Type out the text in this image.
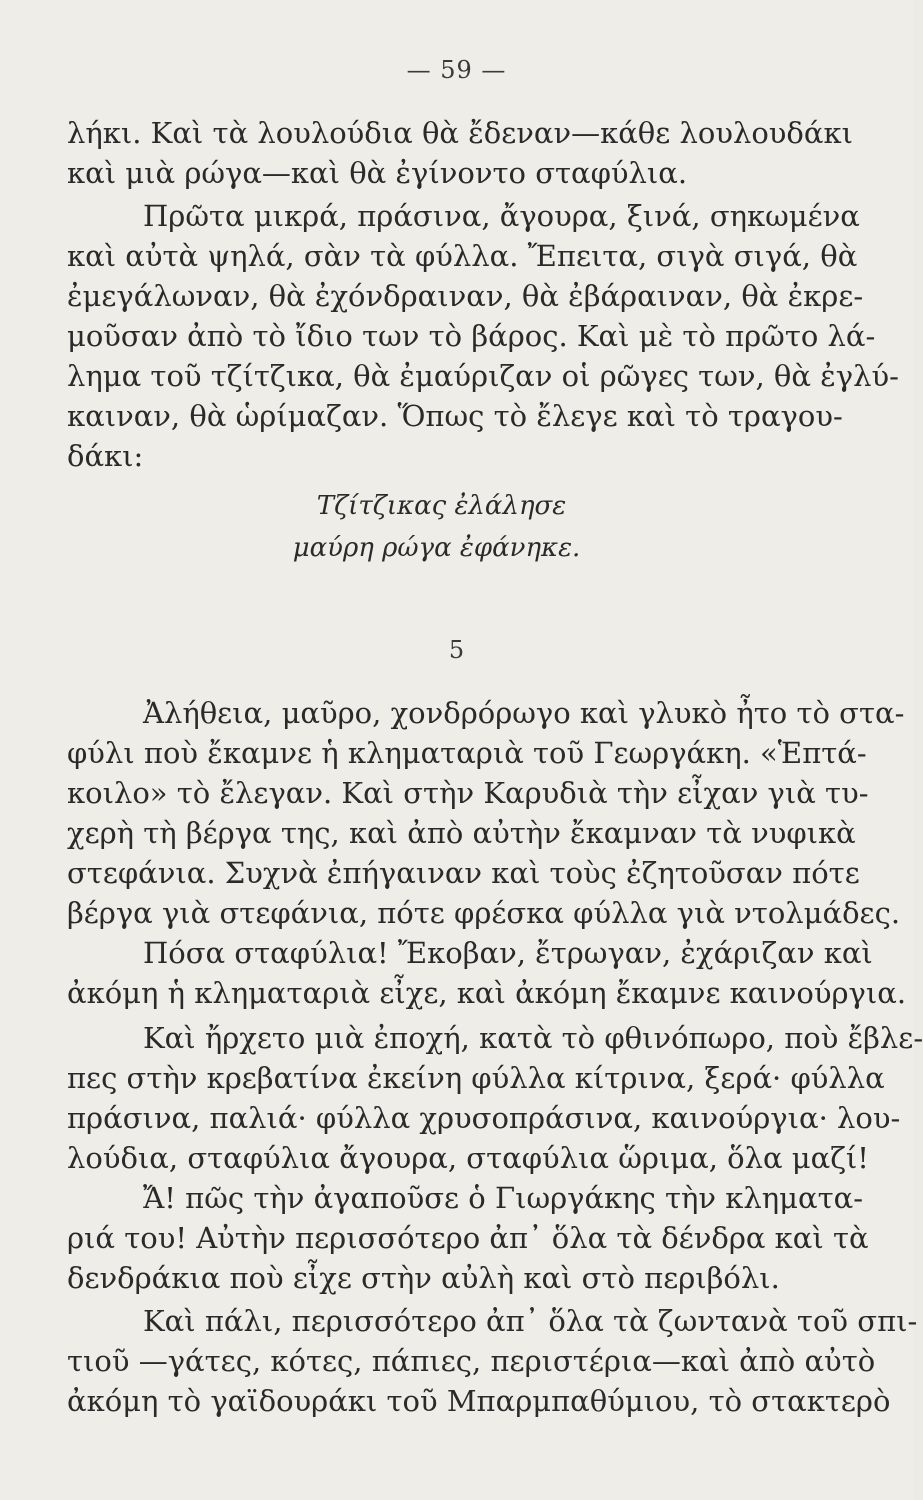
— 59 —
λήκι. Καὶ τὰ λουλούδια θὰ ἔδεναν—κάθε λουλουδάκι
καὶ μιὰ ρώγα—καὶ θὰ ἐγίνοντο σταφύλια.
Πρῶτα μικρά, πράσινα, ἄγουρα, ξινά, σηκωμένα
καὶ αὐτὰ ψηλά, σὰν τὰ φύλλα. Ἔπειτα, σιγὰ σιγά, θὰ
ἐμεγάλωναν, θὰ ἐχόνδραιναν, θὰ ἐβάραιναν, θὰ ἐκρε-
μοῦσαν ἀπὸ τὸ ἴδιο των τὸ βάρος. Καὶ μὲ τὸ πρῶτο λά-
λημα τοῦ τζίτζικα, θὰ ἐμαύριζαν οἱ ρῶγες των, θὰ ἐγλύ-
καιναν, θὰ ὡρίμαζαν. Ὅπως τὸ ἔλεγε καὶ τὸ τραγου-
δάκι:
Τζίτζικας ἐλάλησε
μαύρη ρώγα ἐφάνηκε.
5
Ἀλήθεια, μαῦρο, χονδρόρωγο καὶ γλυκὸ ἦτο τὸ στα-
φύλι ποὺ ἔκαμνε ἡ κληματαριὰ τοῦ Γεωργάκη. «Ἑπτά-
κοιλο» τὸ ἔλεγαν. Καὶ στὴν Καρυδιὰ τὴν εἶχαν γιὰ τυ-
χερὴ τὴ βέργα της, καὶ ἀπὸ αὐτὴν ἔκαμναν τὰ νυφικὰ
στεφάνια. Συχνὰ ἐπήγαιναν καὶ τοὺς ἐζητοῦσαν πότε
βέργα γιὰ στεφάνια, πότε φρέσκα φύλλα γιὰ ντολμάδες.
Πόσα σταφύλια! Ἔκοβαν, ἔτρωγαν, ἐχάριζαν καὶ
ἀκόμη ἡ κληματαριὰ εἶχε, καὶ ἀκόμη ἔκαμνε καινούργια.
Καὶ ἤρχετο μιὰ ἐποχή, κατὰ τὸ φθινόπωρο, ποὺ ἔβλε-
πες στὴν κρεβατίνα ἐκείνη φύλλα κίτρινα, ξερά· φύλλα
πράσινα, παλιά· φύλλα χρυσοπράσινα, καινούργια· λου-
λούδια, σταφύλια ἄγουρα, σταφύλια ὥριμα, ὅλα μαζί!
Ἄ! πῶς τὴν ἀγαποῦσε ὁ Γιωργάκης τὴν κληματα-
ριά του! Αὐτὴν περισσότερο ἀπ᾿ ὅλα τὰ δένδρα καὶ τὰ
δενδράκια ποὺ εἶχε στὴν αὐλὴ καὶ στὸ περιβόλι.
Καὶ πάλι, περισσότερο ἀπ᾿ ὅλα τὰ ζωντανὰ τοῦ σπι-
τιοῦ —γάτες, κότες, πάπιες, περιστέρια—καὶ ἀπὸ αὐτὸ
ἀκόμη τὸ γαϊδουράκι τοῦ Μπαρμπαθύμιου, τὸ στακτερὸ
